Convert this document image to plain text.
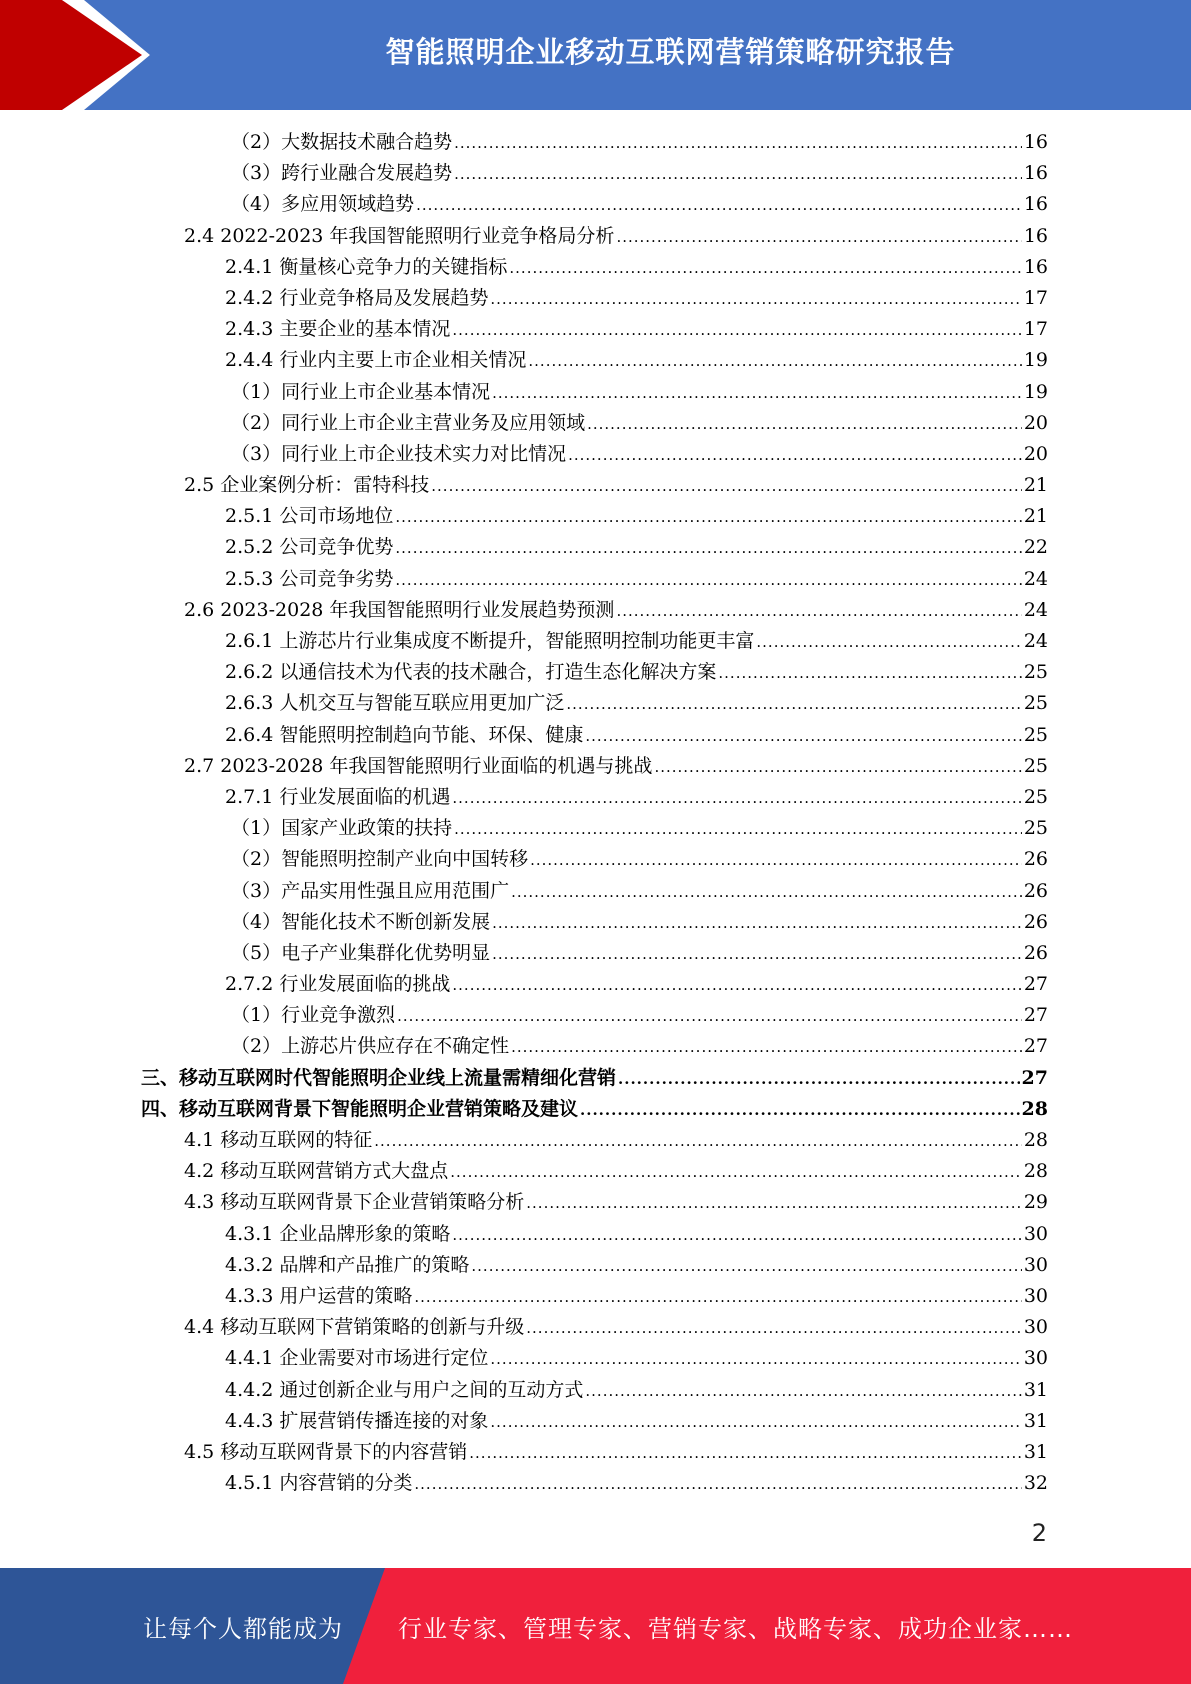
智能照明企业移动互联网营销策略研究报告
（2）大数据技术融合趋势 .....	16
（3）跨行业融合发展趋势 .....	16
（4）多应用领域趋势 .....	16
2.4 2022-2023 年我国智能照明行业竞争格局分析 .....	16
2.4.1 衡量核心竞争力的关键指标 .....	16
2.4.2 行业竞争格局及发展趋势 .....	17
2.4.3 主要企业的基本情况 .....	17
2.4.4 行业内主要上市企业相关情况 .....	19
（1）同行业上市企业基本情况 .....	19
（2）同行业上市企业主营业务及应用领域 .....	20
（3）同行业上市企业技术实力对比情况 .....	20
2.5 企业案例分析：雷特科技 .....	21
2.5.1 公司市场地位 .....	21
2.5.2 公司竞争优势 .....	22
2.5.3 公司竞争劣势 .....	24
2.6 2023-2028 年我国智能照明行业发展趋势预测 .....	24
2.6.1 上游芯片行业集成度不断提升，智能照明控制功能更丰富 .....	24
2.6.2 以通信技术为代表的技术融合，打造生态化解决方案 .....	25
2.6.3 人机交互与智能互联应用更加广泛 .....	25
2.6.4 智能照明控制趋向节能、环保、健康 .....	25
2.7 2023-2028 年我国智能照明行业面临的机遇与挑战 .....	25
2.7.1 行业发展面临的机遇 .....	25
（1）国家产业政策的扶持 .....	25
（2）智能照明控制产业向中国转移 .....	26
（3）产品实用性强且应用范围广 .....	26
（4）智能化技术不断创新发展 .....	26
（5）电子产业集群化优势明显 .....	26
2.7.2 行业发展面临的挑战 .....	27
（1）行业竞争激烈 .....	27
（2）上游芯片供应存在不确定性 .....	27
三、移动互联网时代智能照明企业线上流量需精细化营销 .....	27
四、移动互联网背景下智能照明企业营销策略及建议 .....	28
4.1 移动互联网的特征 .....	28
4.2 移动互联网营销方式大盘点 .....	28
4.3 移动互联网背景下企业营销策略分析 .....	29
4.3.1 企业品牌形象的策略 .....	30
4.3.2 品牌和产品推广的策略 .....	30
4.3.3 用户运营的策略 .....	30
4.4 移动互联网下营销策略的创新与升级 .....	30
4.4.1 企业需要对市场进行定位 .....	30
4.4.2 通过创新企业与用户之间的互动方式 .....	31
4.4.3 扩展营销传播连接的对象 .....	31
4.5 移动互联网背景下的内容营销 .....	31
4.5.1 内容营销的分类 .....	32
2
让每个人都能成为 行业专家、管理专家、营销专家、战略专家、成功企业家……
